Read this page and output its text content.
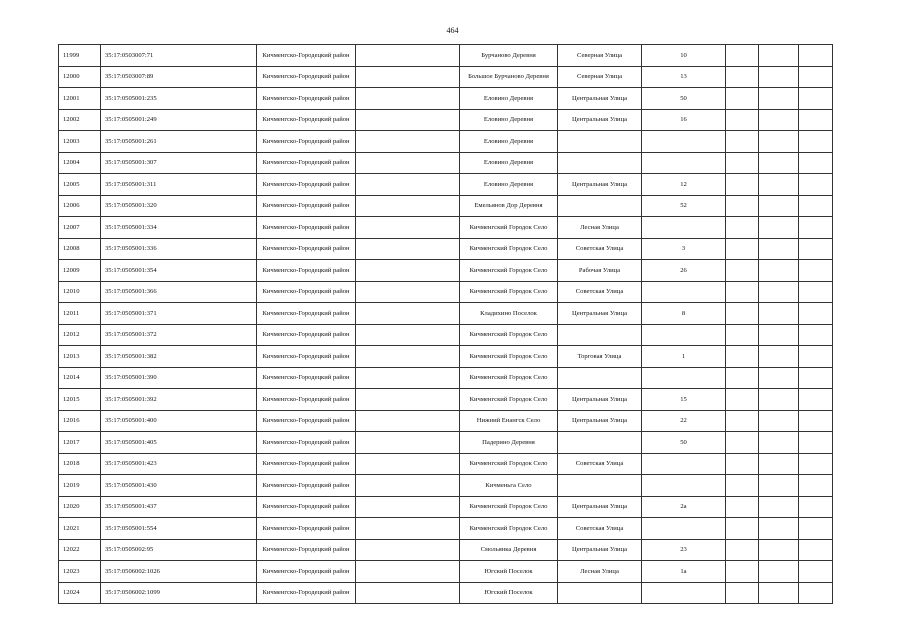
464
11999	35:17:0503007:71	Кичменгско-Городецкий район		Бурчаново Деревня	Северная Улица	10			
12000	35:17:0503007:89	Кичменгско-Городецкий район		Большое Бурчаново Деревня	Северная Улица	13			
12001	35:17:0505001:235	Кичменгско-Городецкий район		Еловино Деревня	Центральная Улица	50			
12002	35:17:0505001:249	Кичменгско-Городецкий район		Еловино Деревня	Центральная Улица	16			
12003	35:17:0505001:261	Кичменгско-Городецкий район		Еловино Деревня					
12004	35:17:0505001:307	Кичменгско-Городецкий район		Еловино Деревня					
12005	35:17:0505001:311	Кичменгско-Городецкий район		Еловино Деревня	Центральная Улица	12			
12006	35:17:0505001:320	Кичменгско-Городецкий район		Емельянов Дор Деревня		52			
12007	35:17:0505001:334	Кичменгско-Городецкий район		Кичменгский Городок Село	Лесная Улица				
12008	35:17:0505001:336	Кичменгско-Городецкий район		Кичменгский Городок Село	Советская Улица	3			
12009	35:17:0505001:354	Кичменгско-Городецкий район		Кичменгский Городок Село	Рабочая Улица	26			
12010	35:17:0505001:366	Кичменгско-Городецкий район		Кичменгский Городок Село	Советская Улица				
12011	35:17:0505001:371	Кичменгско-Городецкий район		Кладихино Поселок	Центральная Улица	8			
12012	35:17:0505001:372	Кичменгско-Городецкий район		Кичменгский Городок Село					
12013	35:17:0505001:382	Кичменгско-Городецкий район		Кичменгский Городок Село	Торговая Улица	1			
12014	35:17:0505001:390	Кичменгско-Городецкий район		Кичменгский Городок Село					
12015	35:17:0505001:392	Кичменгско-Городецкий район		Кичменгский Городок Село	Центральная Улица	15			
12016	35:17:0505001:400	Кичменгско-Городецкий район		Нижний Енангск Село	Центральная Улица	22			
12017	35:17:0505001:405	Кичменгско-Городецкий район		Падерино Деревня		50			
12018	35:17:0505001:423	Кичменгско-Городецкий район		Кичменгский Городок Село	Советская Улица				
12019	35:17:0505001:430	Кичменгско-Городецкий район		Кичменьга Село					
12020	35:17:0505001:437	Кичменгско-Городецкий район		Кичменгский Городок Село	Центральная Улица	2а			
12021	35:17:0505001:554	Кичменгско-Городецкий район		Кичменгский Городок Село	Советская Улица				
12022	35:17:0505002:95	Кичменгско-Городецкий район		Смольянка Деревня	Центральная Улица	23			
12023	35:17:0506002:1026	Кичменгско-Городецкий район		Югский Поселок	Лесная Улица	1а			
12024	35:17:0506002:1099	Кичменгско-Городецкий район		Югский Поселок					
